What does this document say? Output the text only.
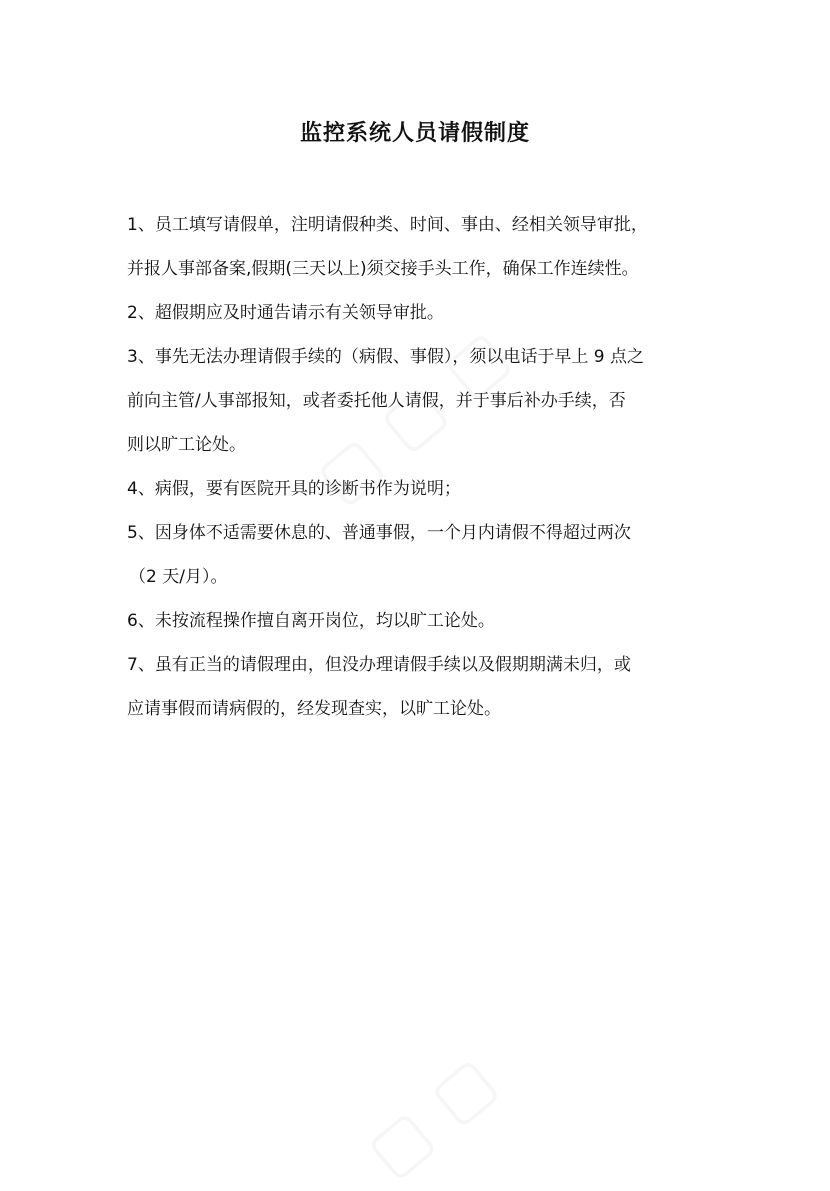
监控系统人员请假制度
1、员工填写请假单，注明请假种类、时间、事由、经相关领导审批，
并报人事部备案,假期(三天以上)须交接手头工作，确保工作连续性。
2、超假期应及时通告请示有关领导审批。
3、事先无法办理请假手续的（病假、事假），须以电话于早上 9 点之
前向主管/人事部报知，或者委托他人请假，并于事后补办手续，否
则以旷工论处。
4、病假，要有医院开具的诊断书作为说明；
5、因身体不适需要休息的、普通事假，一个月内请假不得超过两次
（2 天/月）。
6、未按流程操作擅自离开岗位，均以旷工论处。
7、虽有正当的请假理由，但没办理请假手续以及假期期满未归，或
应请事假而请病假的，经发现查实，以旷工论处。
